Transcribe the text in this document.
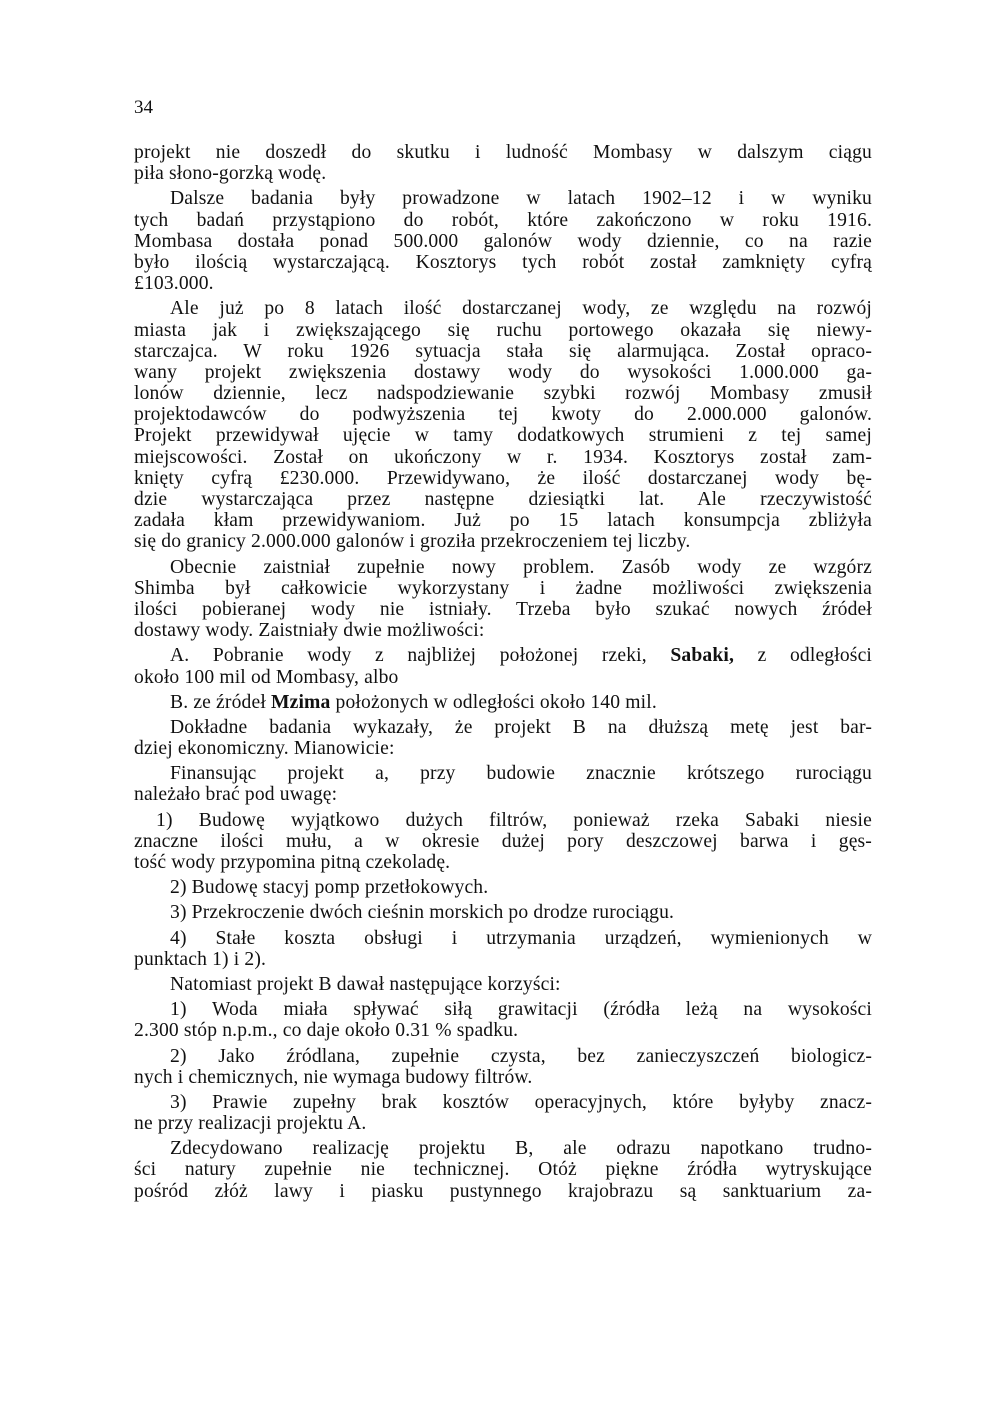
34
projekt nie doszedł do skutku i ludność Mombasy w dalszym ciągu
piła słono-gorzką wodę.
Dalsze badania były prowadzone w latach 1902–12 i w wyniku
tych badań przystąpiono do robót, które zakończono w roku 1916.
Mombasa dostała ponad 500.000 galonów wody dziennie, co na razie
było ilością wystarczającą. Kosztorys tych robót został zamknięty cyfrą
£103.000.
Ale już po 8 latach ilość dostarczanej wody, ze względu na rozwój
miasta jak i zwiększającego się ruchu portowego okazała się niewy-
starczajca. W roku 1926 sytuacja stała się alarmująca. Został opraco-
wany projekt zwiększenia dostawy wody do wysokości 1.000.000 ga-
lonów dziennie, lecz nadspodziewanie szybki rozwój Mombasy zmusił
projektodawców do podwyższenia tej kwoty do 2.000.000 galonów.
Projekt przewidywał ujęcie w tamy dodatkowych strumieni z tej samej
miejscowości. Został on ukończony w r. 1934. Kosztorys został zam-
knięty cyfrą £230.000. Przewidywano, że ilość dostarczanej wody bę-
dzie wystarczająca przez następne dziesiątki lat. Ale rzeczywistość
zadała kłam przewidywaniom. Już po 15 latach konsumpcja zbliżyła
się do granicy 2.000.000 galonów i groziła przekroczeniem tej liczby.
Obecnie zaistniał zupełnie nowy problem. Zasób wody ze wzgórz
Shimba był całkowicie wykorzystany i żadne możliwości zwiększenia
ilości pobieranej wody nie istniały. Trzeba było szukać nowych źródeł
dostawy wody. Zaistniały dwie możliwości:
A. Pobranie wody z najbliżej położonej rzeki, Sabaki, z odległości
około 100 mil od Mombasy, albo
B. ze źródeł Mzima położonych w odległości około 140 mil.
Dokładne badania wykazały, że projekt B na dłuższą metę jest bar-
dziej ekonomiczny. Mianowicie:
Finansując projekt a, przy budowie znacznie krótszego rurociągu
należało brać pod uwagę:
1) Budowę wyjątkowo dużych filtrów, ponieważ rzeka Sabaki niesie
znaczne ilości mułu, a w okresie dużej pory deszczowej barwa i gęs-
tość wody przypomina pitną czekoladę.
2) Budowę stacyj pomp przetłokowych.
3) Przekroczenie dwóch cieśnin morskich po drodze rurociągu.
4) Stałe koszta obsługi i utrzymania urządzeń, wymienionych w
punktach 1) i 2).
Natomiast projekt B dawał następujące korzyści:
1) Woda miała spływać siłą grawitacji (źródła leżą na wysokości
2.300 stóp n.p.m., co daje około 0.31 % spadku.
2) Jako źródlana, zupełnie czysta, bez zanieczyszczeń biologicz-
nych i chemicznych, nie wymaga budowy filtrów.
3) Prawie zupełny brak kosztów operacyjnych, które byłyby znacz-
ne przy realizacji projektu A.
Zdecydowano realizację projektu B, ale odrazu napotkano trudno-
ści natury zupełnie nie technicznej. Otóż piękne źródła wytryskujące
pośród złóż lawy i piasku pustynnego krajobrazu są sanktuarium za-
